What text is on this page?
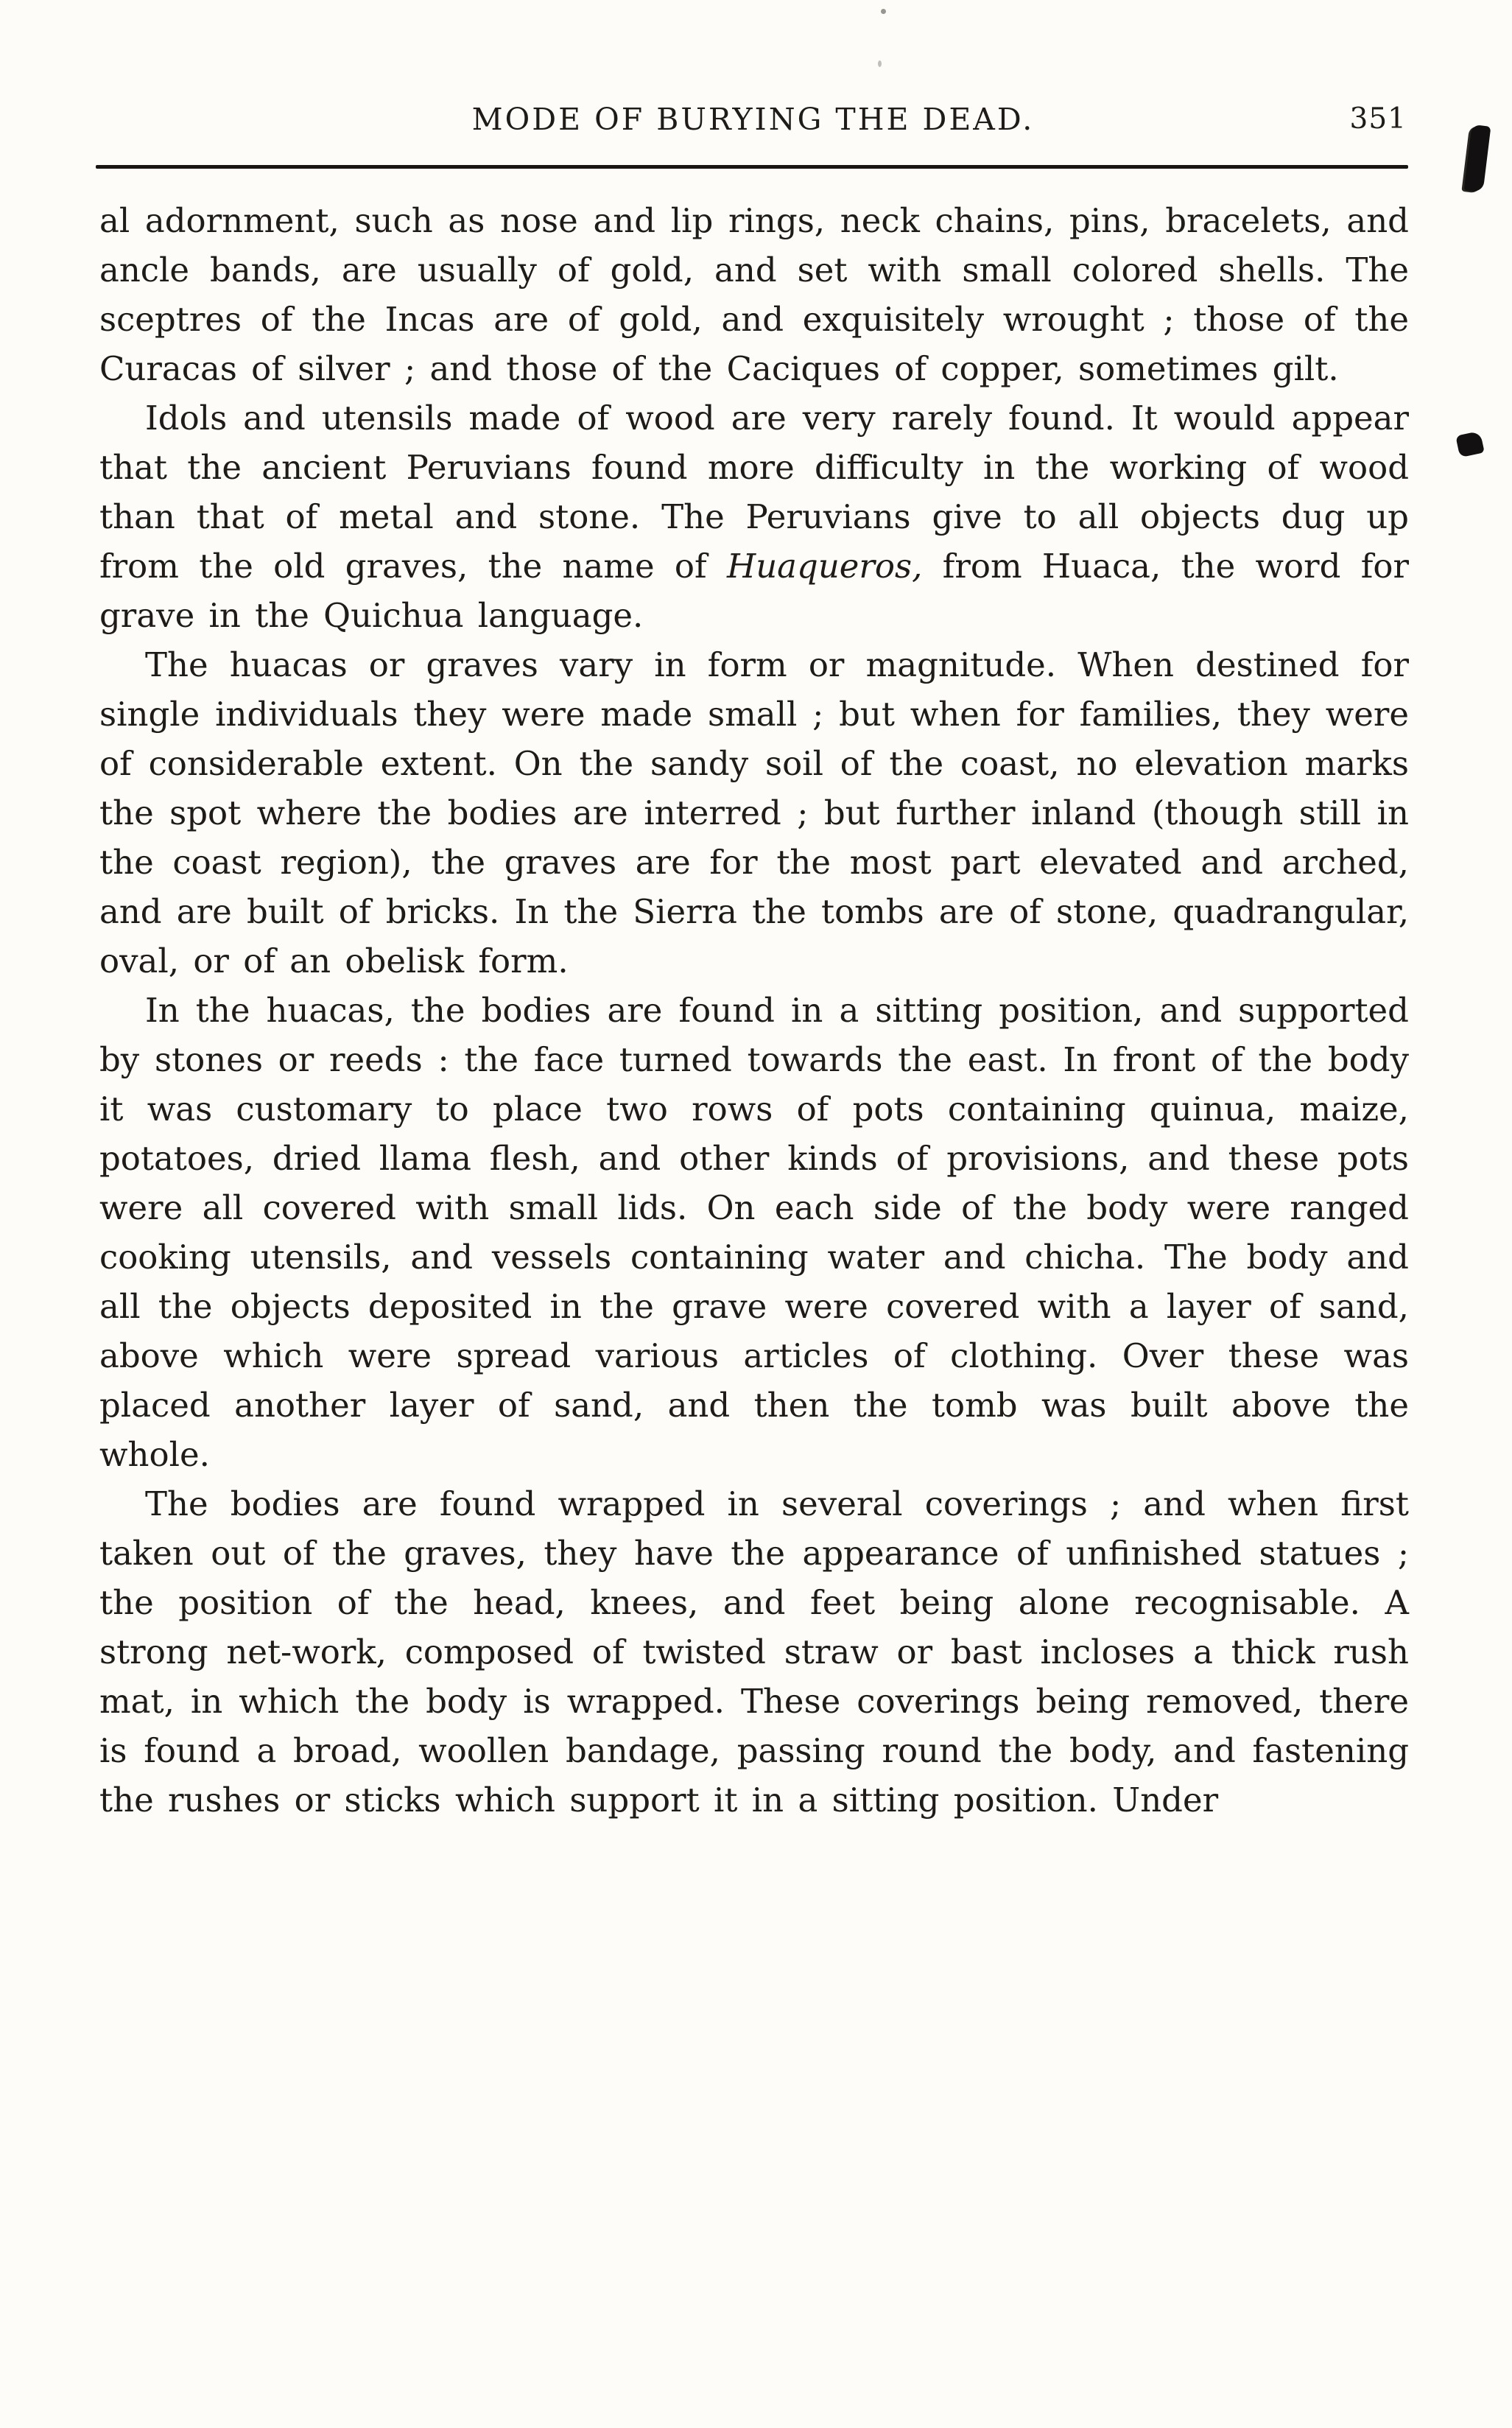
MODE OF BURYING THE DEAD.	351

al adornment, such as nose and lip rings, neck chains, pins, bracelets, and ancle bands, are usually of gold, and set with small colored shells. The sceptres of the Incas are of gold, and exquisitely wrought ; those of the Curacas of silver ; and those of the Caciques of copper, sometimes gilt.

Idols and utensils made of wood are very rarely found. It would appear that the ancient Peruvians found more difficulty in the working of wood than that of metal and stone. The Peruvians give to all objects dug up from the old graves, the name of Huaqueros, from Huaca, the word for grave in the Quichua language.

The huacas or graves vary in form or magnitude. When destined for single individuals they were made small ; but when for families, they were of considerable extent. On the sandy soil of the coast, no elevation marks the spot where the bodies are interred ; but further inland (though still in the coast region), the graves are for the most part elevated and arched, and are built of bricks. In the Sierra the tombs are of stone, quadrangular, oval, or of an obelisk form.

In the huacas, the bodies are found in a sitting position, and supported by stones or reeds : the face turned towards the east. In front of the body it was customary to place two rows of pots containing quinua, maize, potatoes, dried llama flesh, and other kinds of provisions, and these pots were all covered with small lids. On each side of the body were ranged cooking utensils, and vessels containing water and chicha. The body and all the objects deposited in the grave were covered with a layer of sand, above which were spread various articles of clothing. Over these was placed another layer of sand, and then the tomb was built above the whole.

The bodies are found wrapped in several coverings ; and when first taken out of the graves, they have the appearance of unfinished statues ; the position of the head, knees, and feet being alone recognisable. A strong net-work, composed of twisted straw or bast incloses a thick rush mat, in which the body is wrapped. These coverings being removed, there is found a broad, woollen bandage, passing round the body, and fastening the rushes or sticks which support it in a sitting position. Under
